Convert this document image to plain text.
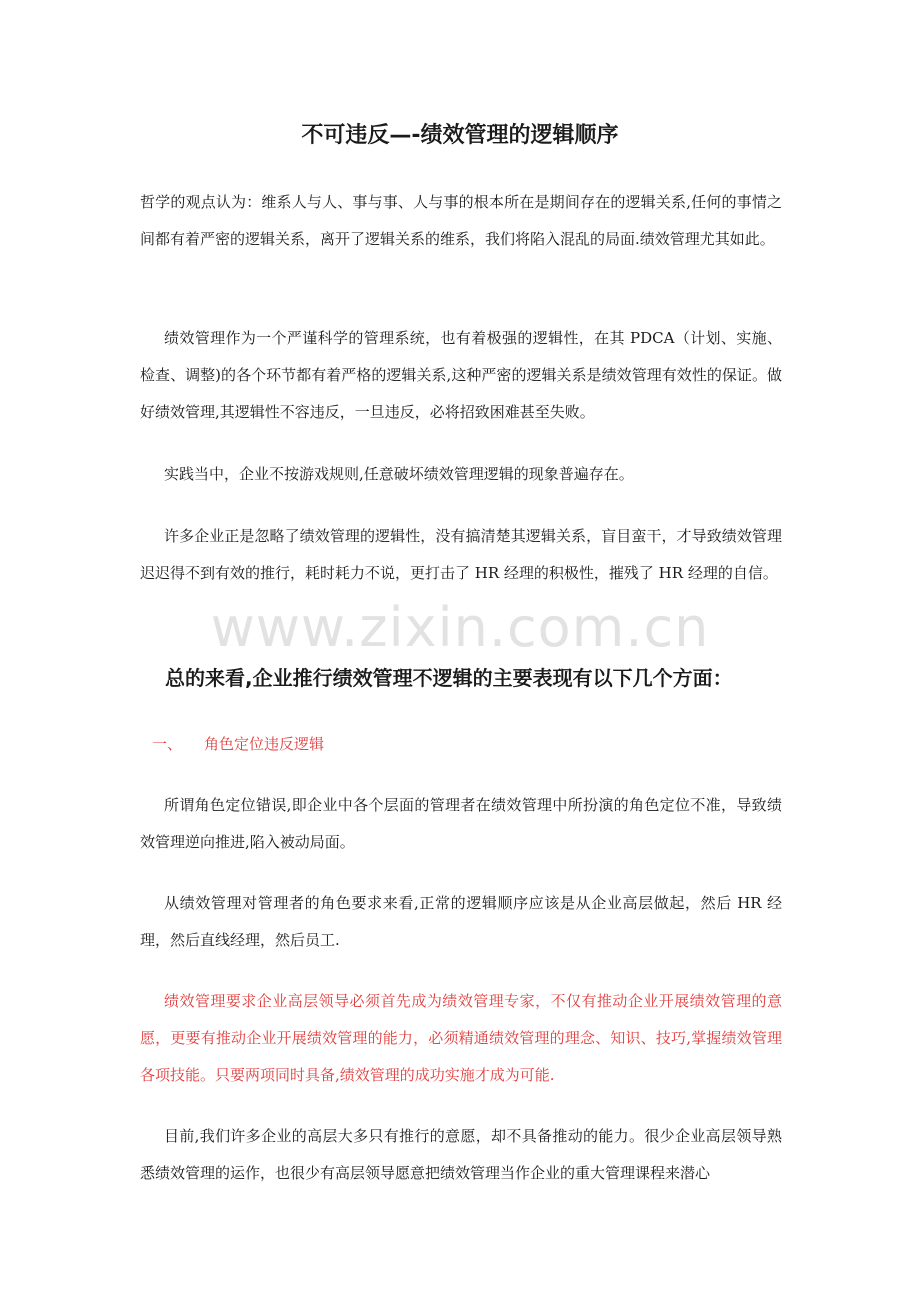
不可违反—-绩效管理的逻辑顺序

哲学的观点认为：维系人与人、事与事、人与事的根本所在是期间存在的逻辑关系,任何的事情之间都有着严密的逻辑关系，离开了逻辑关系的维系，我们将陷入混乱的局面.绩效管理尤其如此。

绩效管理作为一个严谨科学的管理系统，也有着极强的逻辑性，在其 PDCA（计划、实施、检查、调整)的各个环节都有着严格的逻辑关系,这种严密的逻辑关系是绩效管理有效性的保证。做好绩效管理,其逻辑性不容违反，一旦违反，必将招致困难甚至失败。

实践当中，企业不按游戏规则,任意破坏绩效管理逻辑的现象普遍存在。

许多企业正是忽略了绩效管理的逻辑性，没有搞清楚其逻辑关系，盲目蛮干，才导致绩效管理迟迟得不到有效的推行，耗时耗力不说，更打击了 HR 经理的积极性，摧残了 HR 经理的自信。

www.zixin.com.cn
总的来看,企业推行绩效管理不逻辑的主要表现有以下几个方面：
一、 角色定位违反逻辑

所谓角色定位错误,即企业中各个层面的管理者在绩效管理中所扮演的角色定位不准，导致绩效管理逆向推进,陷入被动局面。

从绩效管理对管理者的角色要求来看,正常的逻辑顺序应该是从企业高层做起，然后 HR 经理，然后直线经理，然后员工.

绩效管理要求企业高层领导必须首先成为绩效管理专家，不仅有推动企业开展绩效管理的意愿，更要有推动企业开展绩效管理的能力，必须精通绩效管理的理念、知识、技巧,掌握绩效管理各项技能。只要两项同时具备,绩效管理的成功实施才成为可能.

目前,我们许多企业的高层大多只有推行的意愿，却不具备推动的能力。很少企业高层领导熟悉绩效管理的运作，也很少有高层领导愿意把绩效管理当作企业的重大管理课程来潜心
